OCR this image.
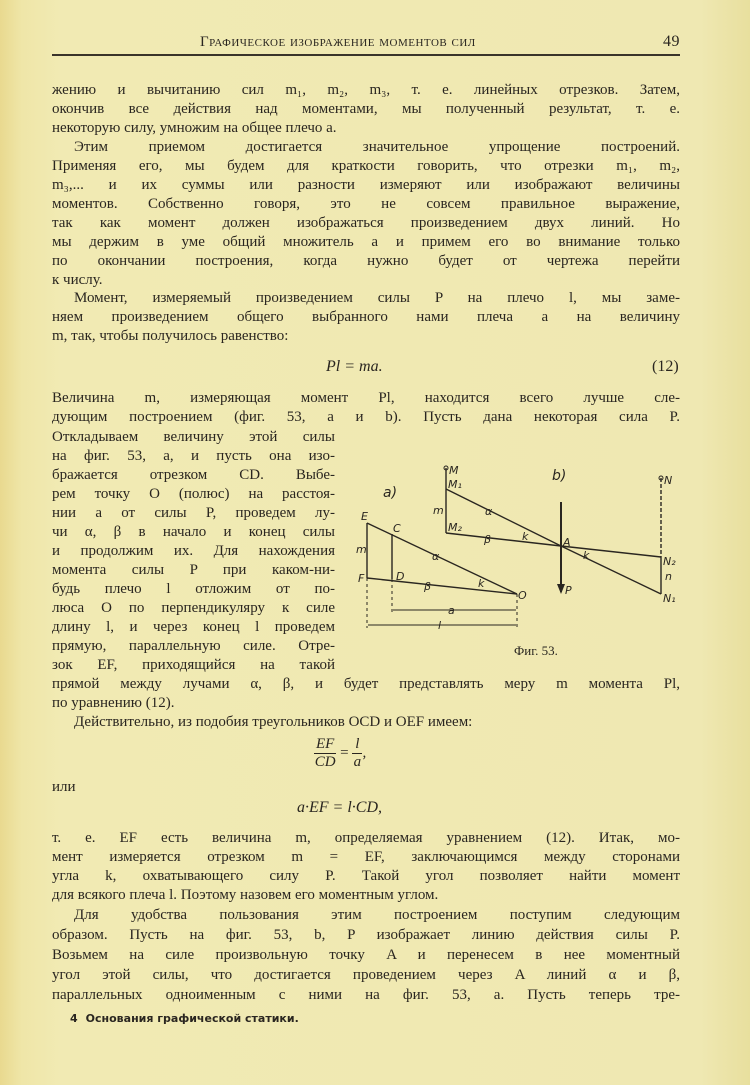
Графическое изображение моментов сил	49
Pl = ma.	(12)
$\frac{EF}{CD} = \frac{l}{a}$ ,
или
a·EF = l·CD,
a)
E
C
m
α
F	D
β	k
O
a
l
b)
M
M₁
m
M₂
α
β	k	A
k
P
N
N₂
n
N₁
Фиг. 53.
4 Основания графической статики.
жению и вычитанию сил m₁, m₂, m₃, т. е. линейных отрезков. Затем,
окончив все действия над моментами, мы полученный результат, т. е.
некоторую силу, умножим на общее плечо a.
Этим приемом достигается значительное упрощение построений.
Применяя его, мы будем для краткости говорить, что отрезки m₁, m₂,
m₃,... и их суммы или разности измеряют или изображают величины
моментов. Собственно говоря, это не совсем правильное выражение,
так как момент должен изображаться произведением двух линий. Но
мы держим в уме общий множитель a и примем его во внимание только
по окончании построения, когда нужно будет от чертежа перейти
к числу.
Момент, измеряемый произведением силы P на плечо l, мы заме-
няем произведением общего выбранного нами плеча a на величину
m, так, чтобы получилось равенство:
Величина m, измеряющая момент Pl, находится всего лучше сле-
дующим построением (фиг. 53, a и b). Пусть дана некоторая сила P.
Откладываем величину этой силы
на фиг. 53, a, и пусть она изо-
бражается отрезком CD. Выбе-
рем точку O (полюс) на расстоя-
нии a от силы P, проведем лу-
чи α, β в начало и конец силы
и продолжим их. Для нахождения
момента силы P при каком-ни-
будь плечо l отложим от по-
люса O по перпендикуляру к силе
длину l, и через конец l проведем
прямую, параллельную силе. Отре-
зок EF, приходящийся на такой
прямой между лучами α, β, и будет представлять меру m момента Pl,
по уравнению (12).
Действительно, из подобия треугольников OCD и OEF имеем:
т. е. EF есть величина m, определяемая уравнением (12). Итак, мо-
мент измеряется отрезком m = EF, заключающимся между сторонами
угла k, охватывающего силу P. Такой угол позволяет найти момент
для всякого плеча l. Поэтому назовем его моментным углом.
Для удобства пользования этим построением поступим следующим
образом. Пусть на фиг. 53, b, P изображает линию действия силы P.
Возьмем на силе произвольную точку A и перенесем в нее моментный
угол этой силы, что достигается проведением через A линий α и β,
параллельных одноименным с ними на фиг. 53, a. Пусть теперь тре-
